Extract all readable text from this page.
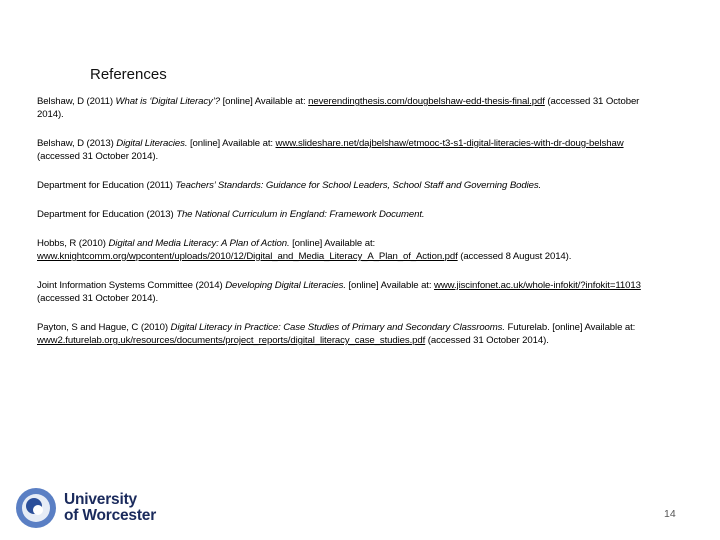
References

Belshaw, D (2011) What is ‘Digital Literacy’? [online] Available at: neverendingthesis.com/dougbelshaw-edd-thesis-final.pdf (accessed 31 October 2014).

Belshaw, D (2013) Digital Literacies. [online] Available at: www.slideshare.net/dajbelshaw/etmooc-t3-s1-digital-literacies-with-dr-doug-belshaw (accessed 31 October 2014).

Department for Education (2011) Teachers’ Standards: Guidance for School Leaders, School Staff and Governing Bodies.

Department for Education (2013) The National Curriculum in England: Framework Document.

Hobbs, R (2010) Digital and Media Literacy: A Plan of Action. [online] Available at: www.knightcomm.org/wpcontent/uploads/2010/12/Digital_and_Media_Literacy_A_Plan_of_Action.pdf (accessed 8 August 2014).

Joint Information Systems Committee (2014) Developing Digital Literacies. [online] Available at: www.jiscinfonet.ac.uk/whole-infokit/?infokit=11013 (accessed 31 October 2014).

Payton, S and Hague, C (2010) Digital Literacy in Practice: Case Studies of Primary and Secondary Classrooms. Futurelab. [online] Available at: www2.futurelab.org.uk/resources/documents/project_reports/digital_literacy_case_studies.pdf (accessed 31 October 2014).

University
of Worcester	14
